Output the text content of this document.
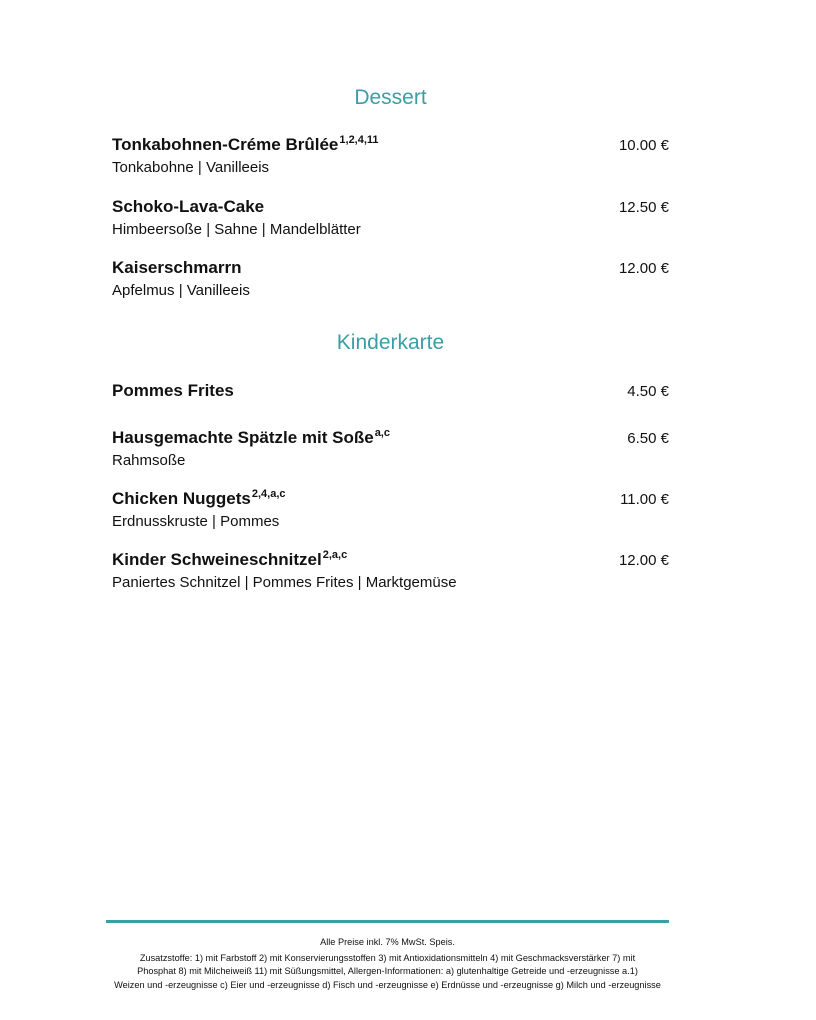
Dessert
Tonkabohnen-Créme Brûlée$^{1,2,4,11}$	10.00 €
Tonkabohne | Vanilleeis
Schoko-Lava-Cake	12.50 €
Himbeersoße | Sahne | Mandelblätter
Kaiserschmarrn	12.00 €
Apfelmus | Vanilleeis
Kinderkarte
Pommes Frites	4.50 €
Hausgemachte Spätzle mit Soße$^{a,c}$	6.50 €
Rahmsoße
Chicken Nuggets$^{2,4,a,c}$	11.00 €
Erdnusskruste | Pommes
Kinder Schweineschnitzel$^{2,a,c}$	12.00 €
Paniertes Schnitzel | Pommes Frites | Marktgemüse
Alle Preise inkl. 7% MwSt. Speis.
Zusatzstoffe: 1) mit Farbstoff 2) mit Konservierungsstoffen 3) mit Antioxidationsmitteln 4) mit Geschmacksverstärker 7) mit
Phosphat 8) mit Milcheiweiß 11) mit Süßungsmittel, Allergen-Informationen: a) glutenhaltige Getreide und -erzeugnisse a.1)
Weizen und -erzeugnisse c) Eier und -erzeugnisse d) Fisch und -erzeugnisse e) Erdnüsse und -erzeugnisse g) Milch und -erzeugnisse
